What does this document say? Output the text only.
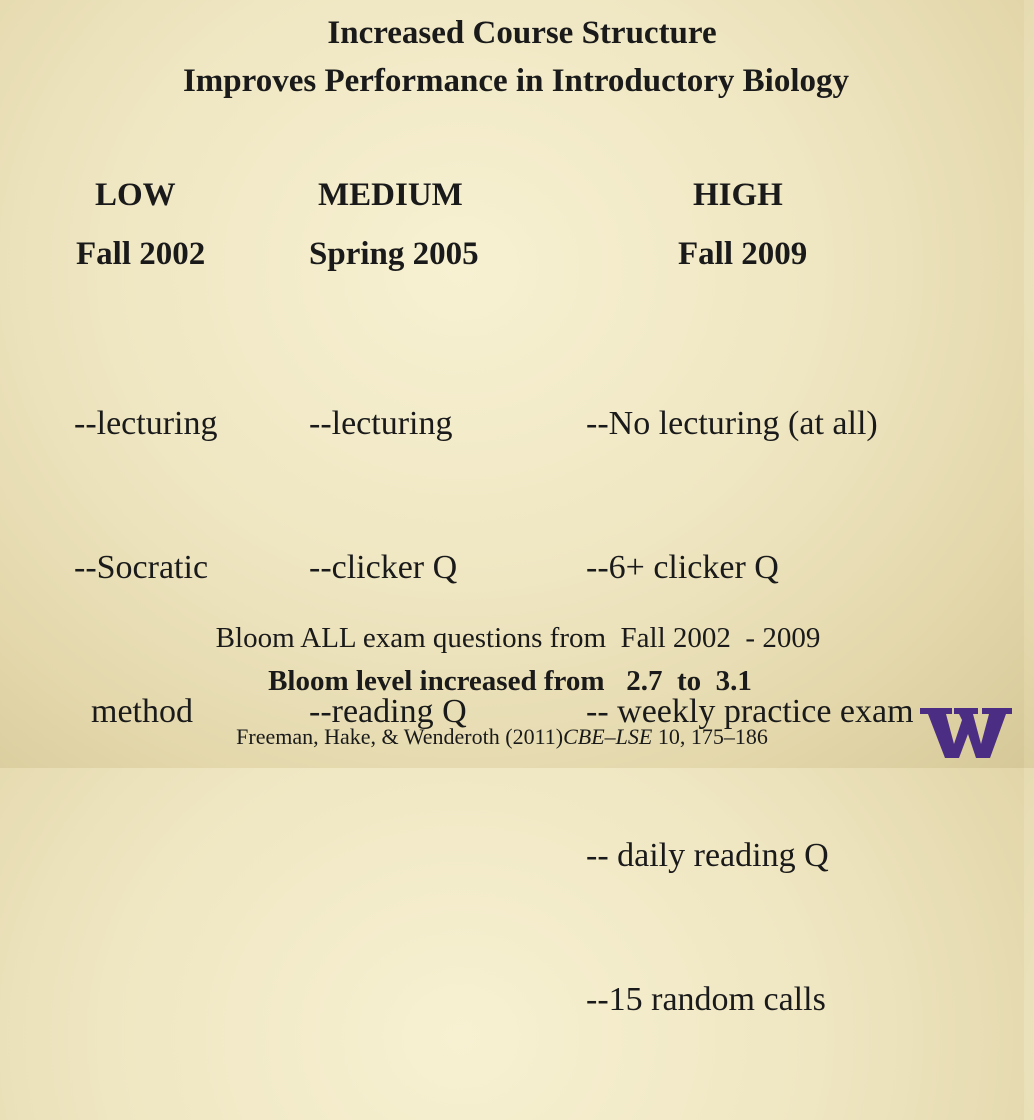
Increased Course Structure
Improves Performance in Introductory Biology
LOW
Fall 2002

--lecturing

--Socratic

method

MEDIUM
Spring 2005

--lecturing

--clicker Q

--reading Q

HIGH
Fall 2009

--No lecturing (at all)

--6+ clicker Q

-- weekly practice exam

-- daily reading Q

--15 random calls

Bloom ALL exam questions from  Fall 2002  - 2009
Bloom level increased from   2.7  to  3.1
Freeman, Hake, & Wenderoth (2011)CBE–LSE 10, 175–186
